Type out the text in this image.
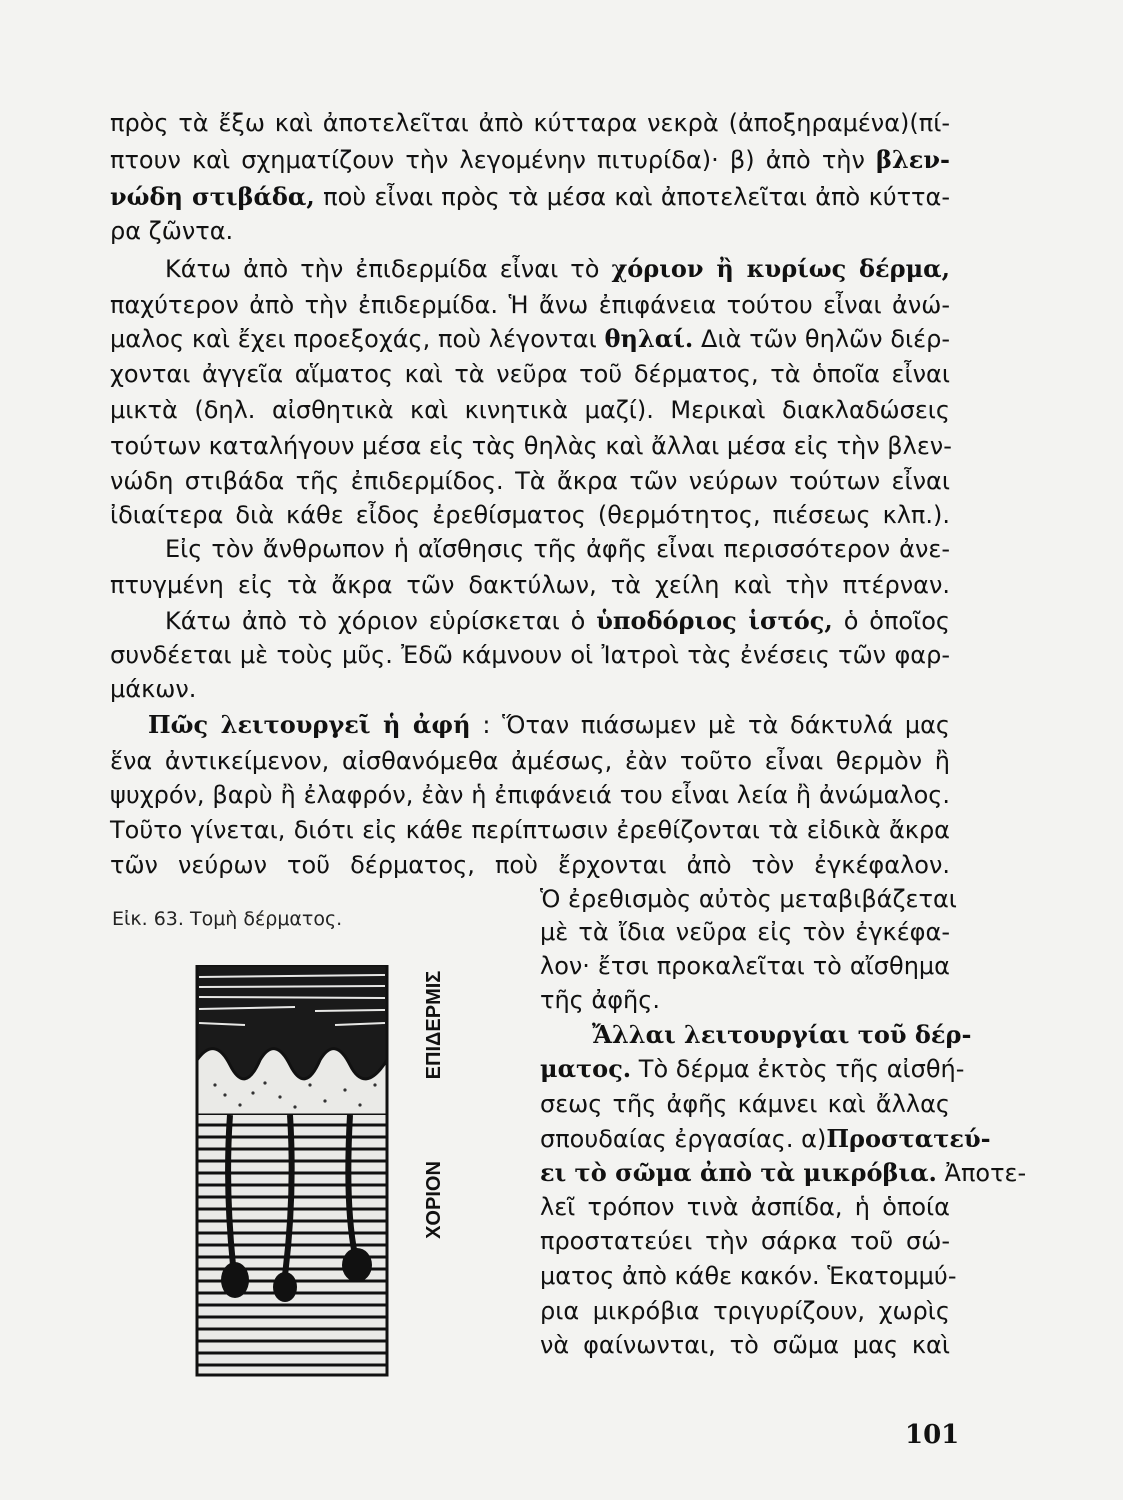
πρὸς τὰ ἔξω καὶ ἀποτελεῖται ἀπὸ κύτταρα νεκρὰ (ἀποξηραμένα)(πί-
πτουν καὶ σχηματίζουν τὴν λεγομένην πιτυρίδα)· β) ἀπὸ τὴν βλεν-
νώδη στιβάδα, ποὺ εἶναι πρὸς τὰ μέσα καὶ ἀποτελεῖται ἀπὸ κύττα-
ρα ζῶντα.
Κάτω ἀπὸ τὴν ἐπιδερμίδα εἶναι τὸ χόριον ἢ κυρίως δέρμα,
παχύτερον ἀπὸ τὴν ἐπιδερμίδα. Ἡ ἄνω ἐπιφάνεια τούτου εἶναι ἀνώ-
μαλος καὶ ἔχει προεξοχάς, ποὺ λέγονται θηλαί. Διὰ τῶν θηλῶν διέρ-
χονται ἀγγεῖα αἵματος καὶ τὰ νεῦρα τοῦ δέρματος, τὰ ὁποῖα εἶναι
μικτὰ (δηλ. αἰσθητικὰ καὶ κινητικὰ μαζί). Μερικαὶ διακλαδώσεις
τούτων καταλήγουν μέσα εἰς τὰς θηλὰς καὶ ἄλλαι μέσα εἰς τὴν βλεν-
νώδη στιβάδα τῆς ἐπιδερμίδος. Τὰ ἄκρα τῶν νεύρων τούτων εἶναι
ἰδιαίτερα διὰ κάθε εἶδος ἐρεθίσματος (θερμότητος, πιέσεως κλπ.).
Εἰς τὸν ἄνθρωπον ἡ αἴσθησις τῆς ἀφῆς εἶναι περισσότερον ἀνε-
πτυγμένη εἰς τὰ ἄκρα τῶν δακτύλων, τὰ χείλη καὶ τὴν πτέρναν.
Κάτω ἀπὸ τὸ χόριον εὑρίσκεται ὁ ὑποδόριος ἱστός, ὁ ὁποῖος
συνδέεται μὲ τοὺς μῦς. Ἐδῶ κάμνουν οἱ Ἰατροὶ τὰς ἐνέσεις τῶν φαρ-
μάκων.
Πῶς λειτουργεῖ ἡ ἀφή : Ὅταν πιάσωμεν μὲ τὰ δάκτυλά μας
ἕνα ἀντικείμενον, αἰσθανόμεθα ἀμέσως, ἐὰν τοῦτο εἶναι θερμὸν ἢ
ψυχρόν, βαρὺ ἢ ἐλαφρόν, ἐὰν ἡ ἐπιφάνειά του εἶναι λεία ἢ ἀνώμαλος.
Τοῦτο γίνεται, διότι εἰς κάθε περίπτωσιν ἐρεθίζονται τὰ εἰδικὰ ἄκρα
τῶν νεύρων τοῦ δέρματος, ποὺ ἔρχονται ἀπὸ τὸν ἐγκέφαλον.
Ὁ ἐρεθισμὸς αὐτὸς μεταβιβάζεται
μὲ τὰ ἴδια νεῦρα εἰς τὸν ἐγκέφα-
λον· ἔτσι προκαλεῖται τὸ αἴσθημα
τῆς ἀφῆς.
Ἄλλαι λειτουργίαι τοῦ δέρ-
ματος. Τὸ δέρμα ἐκτὸς τῆς αἰσθή-
σεως τῆς ἀφῆς κάμνει καὶ ἄλλας
σπουδαίας ἐργασίας. α)Προστατεύ-
ει τὸ σῶμα ἀπὸ τὰ μικρόβια. Ἀποτε-
λεῖ τρόπον τινὰ ἀσπίδα, ἡ ὁποία
προστατεύει τὴν σάρκα τοῦ σώ-
ματος ἀπὸ κάθε κακόν. Ἑκατομμύ-
ρια μικρόβια τριγυρίζουν, χωρὶς
νὰ φαίνωνται, τὸ σῶμα μας καὶ
Εἰκ. 63. Τομὴ δέρματος.
ΕΠΙΔΕΡΜΙΣ
ΧΟΡΙΟΝ
101
